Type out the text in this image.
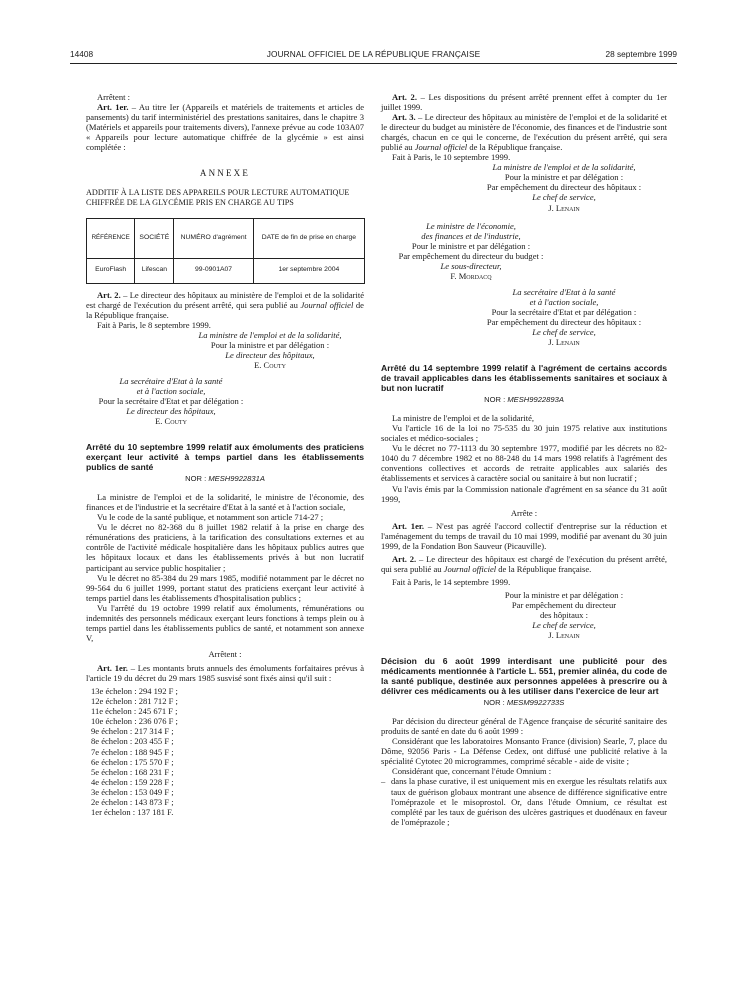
14408	JOURNAL OFFICIEL DE LA RÉPUBLIQUE FRANÇAISE	28 septembre 1999

Arrêtent :

Art. 1er. – Au titre Ier (Appareils et matériels de traitements et articles de pansements) du tarif interministériel des prestations sanitaires, dans le chapitre 3 (Matériels et appareils pour traitements divers), l'annexe prévue au code 103A07 « Appareils pour lecture automatique chiffrée de la glycémie » est ainsi complétée :

ANNEXE

ADDITIF À LA LISTE DES APPAREILS POUR LECTURE AUTOMATIQUE CHIFFRÉE DE LA GLYCÉMIE PRIS EN CHARGE AU TIPS

RÉFÉRENCE	SOCIÉTÉ	NUMÉRO d'agrément	DATE de fin de prise en charge
EuroFlash	Lifescan	99-0901A07	1er septembre 2004

Art. 2. – Le directeur des hôpitaux au ministère de l'emploi et de la solidarité est chargé de l'exécution du présent arrêté, qui sera publié au Journal officiel de la République française.

Fait à Paris, le 8 septembre 1999.

La ministre de l'emploi et de la solidarité,

Pour la ministre et par délégation :

Le directeur des hôpitaux,

E. Couty

La secrétaire d'Etat à la santé

et à l'action sociale,

Pour la secrétaire d'Etat et par délégation :

Le directeur des hôpitaux,

E. Couty

Arrêté du 10 septembre 1999 relatif aux émoluments des praticiens exerçant leur activité à temps partiel dans les établissements publics de santé

NOR : MESH9922831A

La ministre de l'emploi et de la solidarité, le ministre de l'économie, des finances et de l'industrie et la secrétaire d'Etat à la santé et à l'action sociale,

Vu le code de la santé publique, et notamment son article 714-27 ;

Vu le décret no 82-368 du 8 juillet 1982 relatif à la prise en charge des rémunérations des praticiens, à la tarification des consultations externes et au contrôle de l'activité médicale hospitalière dans les hôpitaux publics autres que les hôpitaux locaux et dans les établissements privés à but non lucratif participant au service public hospitalier ;

Vu le décret no 85-384 du 29 mars 1985, modifié notamment par le décret no 99-564 du 6 juillet 1999, portant statut des praticiens exerçant leur activité à temps partiel dans les établissements d'hospitalisation publics ;

Vu l'arrêté du 19 octobre 1999 relatif aux émoluments, rémunérations ou indemnités des personnels médicaux exerçant leurs fonctions à temps plein ou à temps partiel dans les établissements publics de santé, et notamment son annexe V,

Arrêtent :

Art. 1er. – Les montants bruts annuels des émoluments forfaitaires prévus à l'article 19 du décret du 29 mars 1985 susvisé sont fixés ainsi qu'il suit :

13e échelon : 294 192 F ;

12e échelon : 281 712 F ;

11e échelon : 245 671 F ;

10e échelon : 236 076 F ;

9e échelon : 217 314 F ;

8e échelon : 203 455 F ;

7e échelon : 188 945 F ;

6e échelon : 175 570 F ;

5e échelon : 168 231 F ;

4e échelon : 159 228 F ;

3e échelon : 153 049 F ;

2e échelon : 143 873 F ;

1er échelon : 137 181 F.

Art. 2. – Les dispositions du présent arrêté prennent effet à compter du 1er juillet 1999.

Art. 3. – Le directeur des hôpitaux au ministère de l'emploi et de la solidarité et le directeur du budget au ministère de l'économie, des finances et de l'industrie sont chargés, chacun en ce qui le concerne, de l'exécution du présent arrêté, qui sera publié au Journal officiel de la République française.

Fait à Paris, le 10 septembre 1999.

La ministre de l'emploi et de la solidarité,

Pour la ministre et par délégation :

Par empêchement du directeur des hôpitaux :

Le chef de service,

J. Lenain

Le ministre de l'économie,

des finances et de l'industrie,

Pour le ministre et par délégation :

Par empêchement du directeur du budget :

Le sous-directeur,

F. Mordacq

La secrétaire d'Etat à la santé

et à l'action sociale,

Pour la secrétaire d'Etat et par délégation :

Par empêchement du directeur des hôpitaux :

Le chef de service,

J. Lenain

Arrêté du 14 septembre 1999 relatif à l'agrément de certains accords de travail applicables dans les établissements sanitaires et sociaux à but non lucratif

NOR : MESH9922893A

La ministre de l'emploi et de la solidarité,

Vu l'article 16 de la loi no 75-535 du 30 juin 1975 relative aux institutions sociales et médico-sociales ;

Vu le décret no 77-1113 du 30 septembre 1977, modifié par les décrets no 82-1040 du 7 décembre 1982 et no 88-248 du 14 mars 1998 relatifs à l'agrément des conventions collectives et accords de retraite applicables aux salariés des établissements et services à caractère social ou sanitaire à but non lucratif ;

Vu l'avis émis par la Commission nationale d'agrément en sa séance du 31 août 1999,

Arrête :

Art. 1er. – N'est pas agréé l'accord collectif d'entreprise sur la réduction et l'aménagement du temps de travail du 10 mai 1999, modifié par avenant du 30 juin 1999, de la Fondation Bon Sauveur (Picauville).

Art. 2. – Le directeur des hôpitaux est chargé de l'exécution du présent arrêté, qui sera publié au Journal officiel de la République française.

Fait à Paris, le 14 septembre 1999.

Pour la ministre et par délégation :

Par empêchement du directeur

des hôpitaux :

Le chef de service,

J. Lenain

Décision du 6 août 1999 interdisant une publicité pour des médicaments mentionnée à l'article L. 551, premier alinéa, du code de la santé publique, destinée aux personnes appelées à prescrire ou à délivrer ces médicaments ou à les utiliser dans l'exercice de leur art

NOR : MESM9922733S

Par décision du directeur général de l'Agence française de sécurité sanitaire des produits de santé en date du 6 août 1999 :

Considérant que les laboratoires Monsanto France (division) Searle, 7, place du Dôme, 92056 Paris - La Défense Cedex, ont diffusé une publicité relative à la spécialité Cytotec 20 microgrammes, comprimé sécable - aide de visite ;

Considérant que, concernant l'étude Omnium :

– dans la phase curative, il est uniquement mis en exergue les résultats relatifs aux taux de guérison globaux montrant une absence de différence significative entre l'oméprazole et le misoprostol. Or, dans l'étude Omnium, ce résultat est complété par les taux de guérison des ulcères gastriques et duodénaux en faveur de l'oméprazole ;
